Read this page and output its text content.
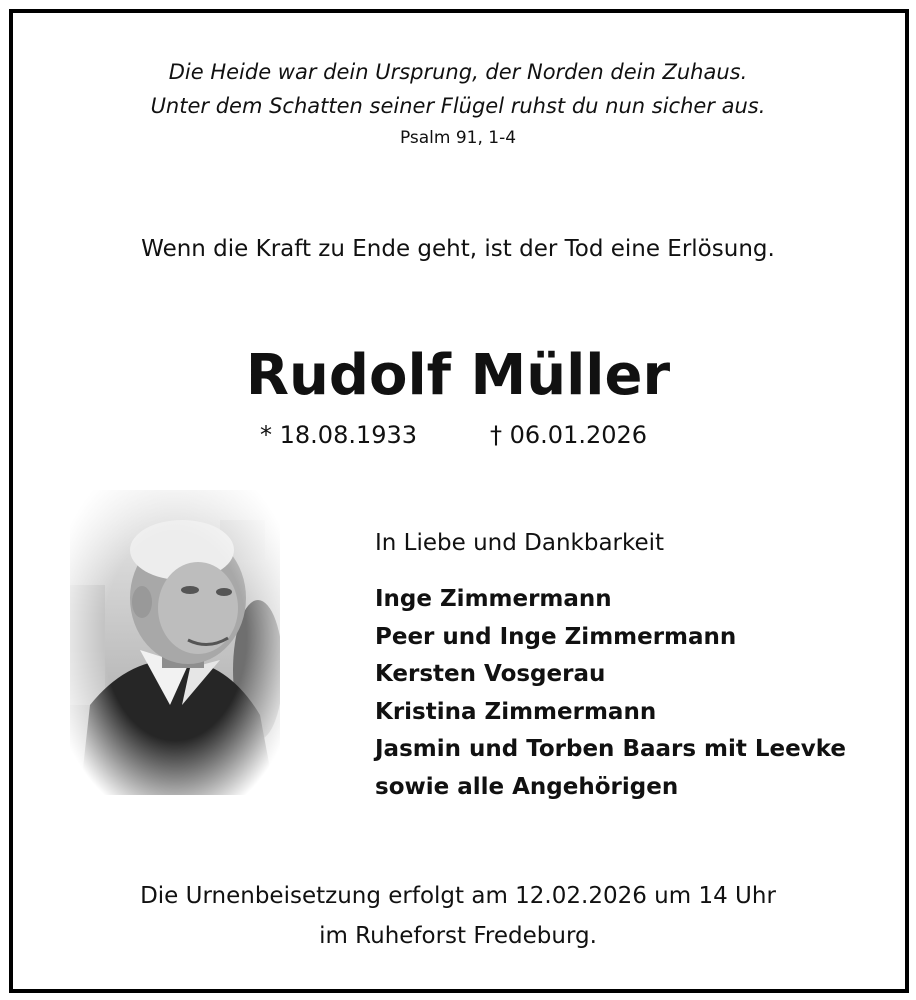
Die Heide war dein Ursprung, der Norden dein Zuhaus.
Unter dem Schatten seiner Flügel ruhst du nun sicher aus.
Psalm 91, 1-4
Wenn die Kraft zu Ende geht, ist der Tod eine Erlösung.
Rudolf Müller
* 18.08.1933	† 06.01.2026
In Liebe und Dankbarkeit
Inge Zimmermann
Peer und Inge Zimmermann
Kersten Vosgerau
Kristina Zimmermann
Jasmin und Torben Baars mit Leevke
sowie alle Angehörigen
Die Urnenbeisetzung erfolgt am 12.02.2026 um 14 Uhr
im Ruheforst Fredeburg.
